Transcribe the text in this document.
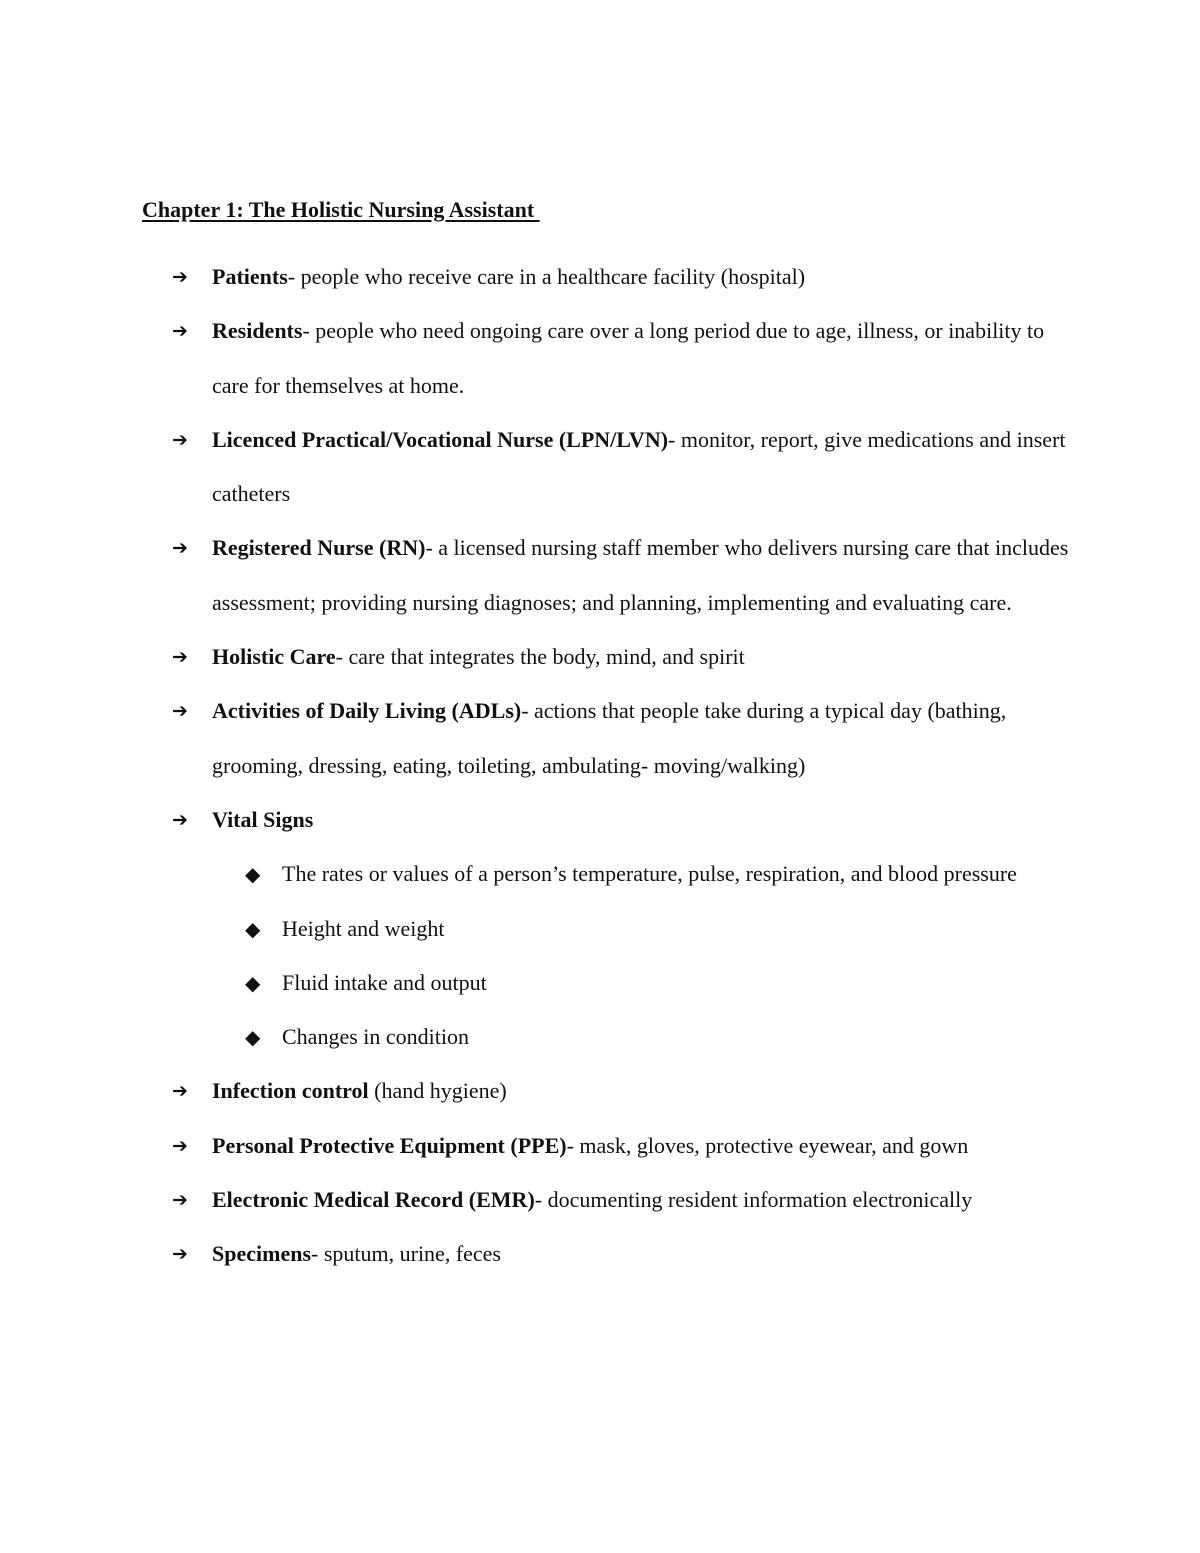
Chapter 1: The Holistic Nursing Assistant
➔ Patients- people who receive care in a healthcare facility (hospital)
➔ Residents- people who need ongoing care over a long period due to age, illness, or inability to care for themselves at home.
➔ Licenced Practical/Vocational Nurse (LPN/LVN)- monitor, report, give medications and insert catheters
➔ Registered Nurse (RN)- a licensed nursing staff member who delivers nursing care that includes assessment; providing nursing diagnoses; and planning, implementing and evaluating care.
➔ Holistic Care- care that integrates the body, mind, and spirit
➔ Activities of Daily Living (ADLs)- actions that people take during a typical day (bathing, grooming, dressing, eating, toileting, ambulating- moving/walking)
➔ Vital Signs
◆ The rates or values of a person’s temperature, pulse, respiration, and blood pressure
◆ Height and weight
◆ Fluid intake and output
◆ Changes in condition
➔ Infection control (hand hygiene)
➔ Personal Protective Equipment (PPE)- mask, gloves, protective eyewear, and gown
➔ Electronic Medical Record (EMR)- documenting resident information electronically
➔ Specimens- sputum, urine, feces
